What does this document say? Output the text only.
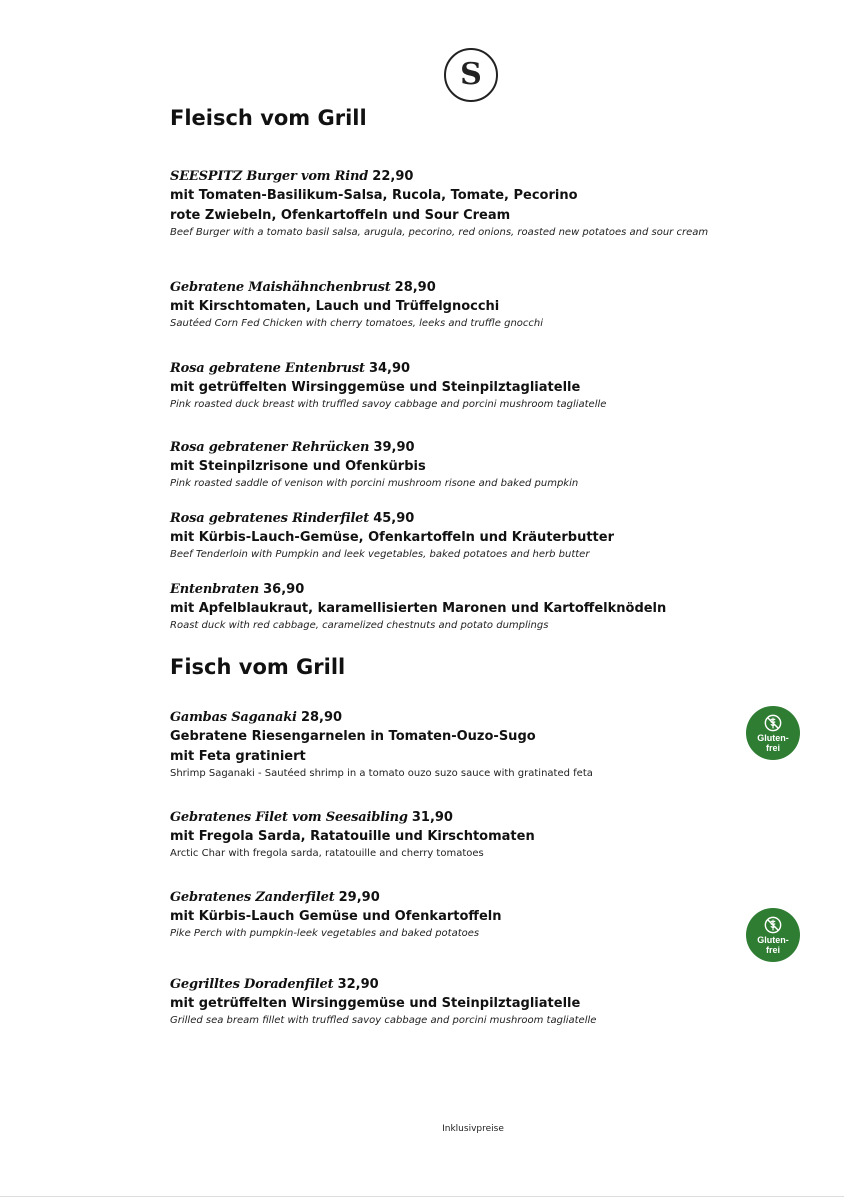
S
Fleisch vom Grill
SEESPITZ Burger vom Rind 22,90
mit Tomaten-Basilikum-Salsa, Rucola, Tomate, Pecorino
rote Zwiebeln, Ofenkartoffeln und Sour Cream
Beef Burger with a tomato basil salsa, arugula, pecorino, red onions, roasted new potatoes and sour cream
Gebratene Maishähnchenbrust 28,90
mit Kirschtomaten, Lauch und Trüffelgnocchi
Sautéed Corn Fed Chicken with cherry tomatoes, leeks and truffle gnocchi
Rosa gebratene Entenbrust 34,90
mit getrüffelten Wirsinggemüse und Steinpilztagliatelle
Pink roasted duck breast with truffled savoy cabbage and porcini mushroom tagliatelle
Rosa gebratener Rehrücken 39,90
mit Steinpilzrisone und Ofenkürbis
Pink roasted saddle of venison with porcini mushroom risone and baked pumpkin
Rosa gebratenes Rinderfilet 45,90
mit Kürbis-Lauch-Gemüse, Ofenkartoffeln und Kräuterbutter
Beef Tenderloin with Pumpkin and leek vegetables, baked potatoes and herb butter
Entenbraten 36,90
mit Apfelblaukraut, karamellisierten Maronen und Kartoffelknödeln
Roast duck with red cabbage, caramelized chestnuts and potato dumplings
Fisch vom Grill
Gambas Saganaki 28,90
Gebratene Riesengarnelen in Tomaten-Ouzo-Sugo
mit Feta gratiniert
Shrimp Saganaki - Sautéed shrimp in a tomato ouzo suzo sauce with gratinated feta
Gebratenes Filet vom Seesaibling 31,90
mit Fregola Sarda, Ratatouille und Kirschtomaten
Arctic Char with fregola sarda, ratatouille and cherry tomatoes
Gebratenes Zanderfilet 29,90
mit Kürbis-Lauch Gemüse und Ofenkartoffeln
Pike Perch with pumpkin-leek vegetables and baked potatoes
Gegrilltes Doradenfilet 32,90
mit getrüffelten Wirsinggemüse und Steinpilztagliatelle
Grilled sea bream fillet with truffled savoy cabbage and porcini mushroom tagliatelle
Gluten-
frei
Gluten-
frei
Inklusivpreise
